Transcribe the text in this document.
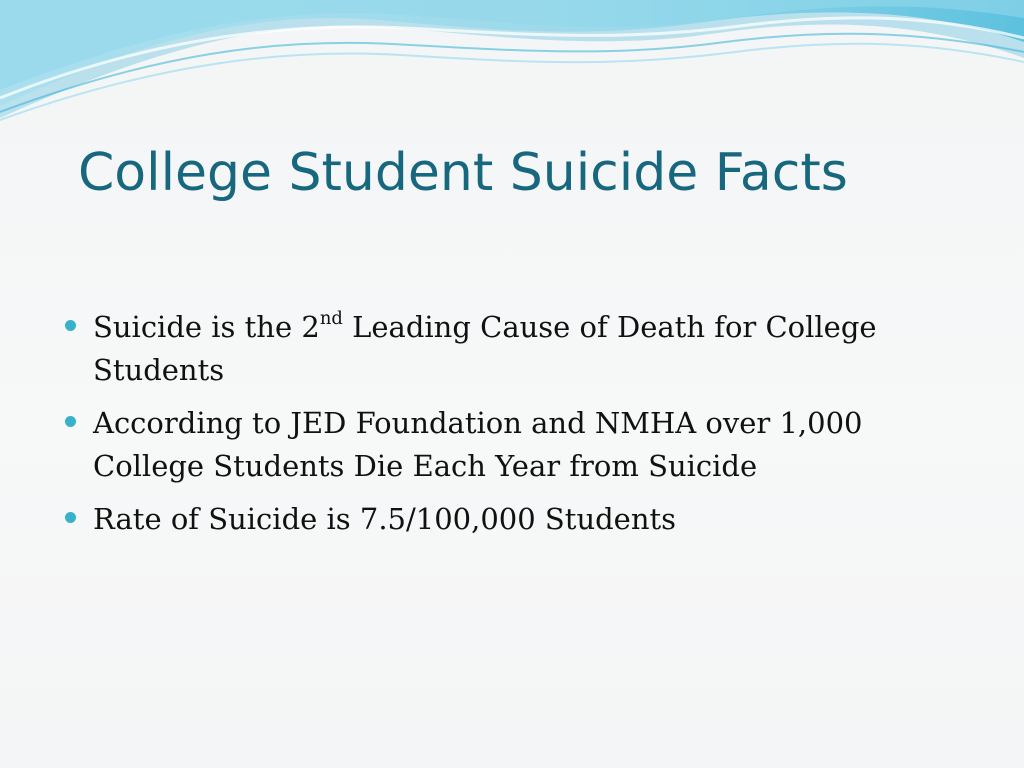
College Student Suicide Facts
Suicide is the 2nd Leading Cause of Death for College Students
According to JED Foundation and NMHA over 1,000 College Students Die Each Year from Suicide
Rate of Suicide is 7.5/100,000 Students
